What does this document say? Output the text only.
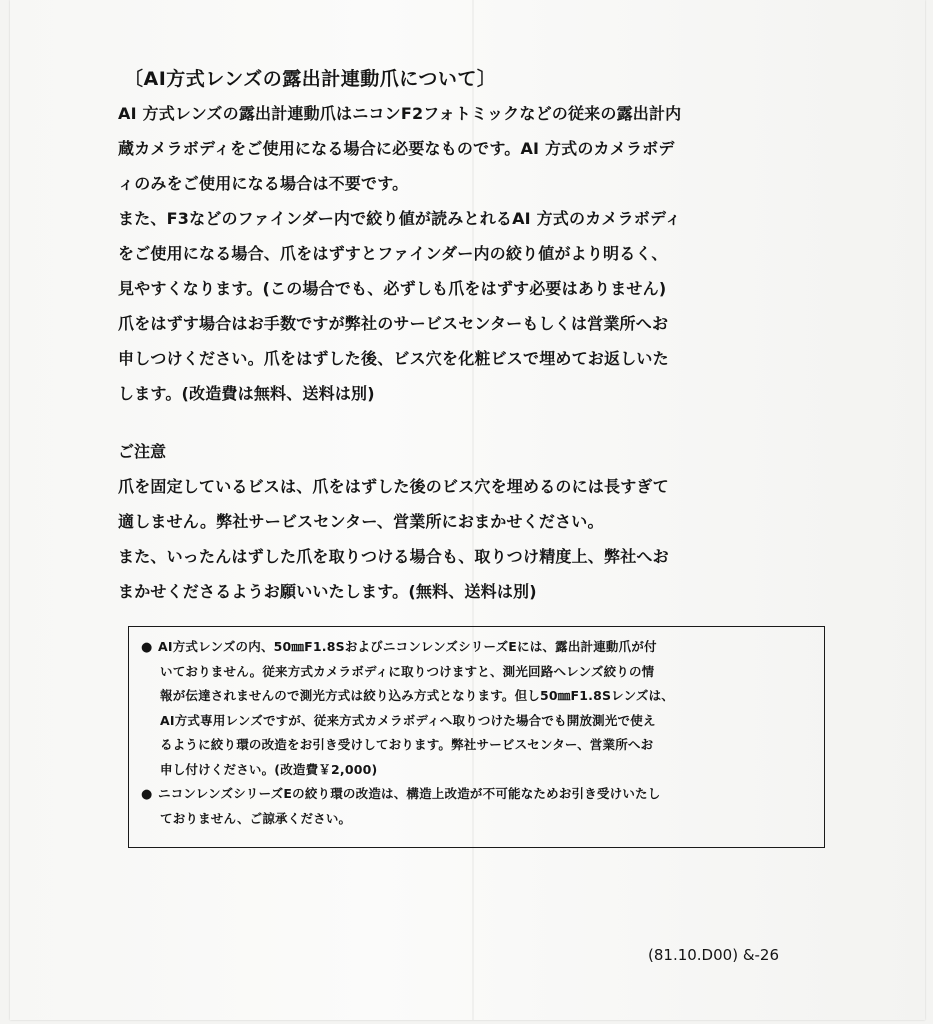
〔AI方式レンズの露出計連動爪について〕
AI 方式レンズの露出計連動爪はニコンF2フォトミックなどの従来の露出計内
蔵カメラボディをご使用になる場合に必要なものです。AI 方式のカメラボデ
ィのみをご使用になる場合は不要です。
また、F3などのファインダー内で絞り値が読みとれるAI 方式のカメラボディ
をご使用になる場合、爪をはずすとファインダー内の絞り値がより明るく、
見やすくなります。(この場合でも、必ずしも爪をはずす必要はありません)
爪をはずす場合はお手数ですが弊社のサービスセンターもしくは営業所へお
申しつけください。爪をはずした後、ビス穴を化粧ビスで埋めてお返しいた
します。(改造費は無料、送料は別)
ご注意
爪を固定しているビスは、爪をはずした後のビス穴を埋めるのには長すぎて
適しません。弊社サービスセンター、営業所におまかせください。
また、いったんはずした爪を取りつける場合も、取りつけ精度上、弊社へお
まかせくださるようお願いいたします。(無料、送料は別)
● AI方式レンズの内、50㎜F1.8SおよびニコンレンズシリーズEには、露出計連動爪が付
いておりません。従来方式カメラボディに取りつけますと、測光回路へレンズ絞りの情
報が伝達されませんので測光方式は絞り込み方式となります。但し50㎜F1.8Sレンズは、
AI方式専用レンズですが、従来方式カメラボディへ取りつけた場合でも開放測光で使え
るように絞り環の改造をお引き受けしております。弊社サービスセンター、営業所へお
申し付けください。(改造費￥2,000)
● ニコンレンズシリーズEの絞り環の改造は、構造上改造が不可能なためお引き受けいたし
ておりません、ご諒承ください。
(81.10.D00) &-26
